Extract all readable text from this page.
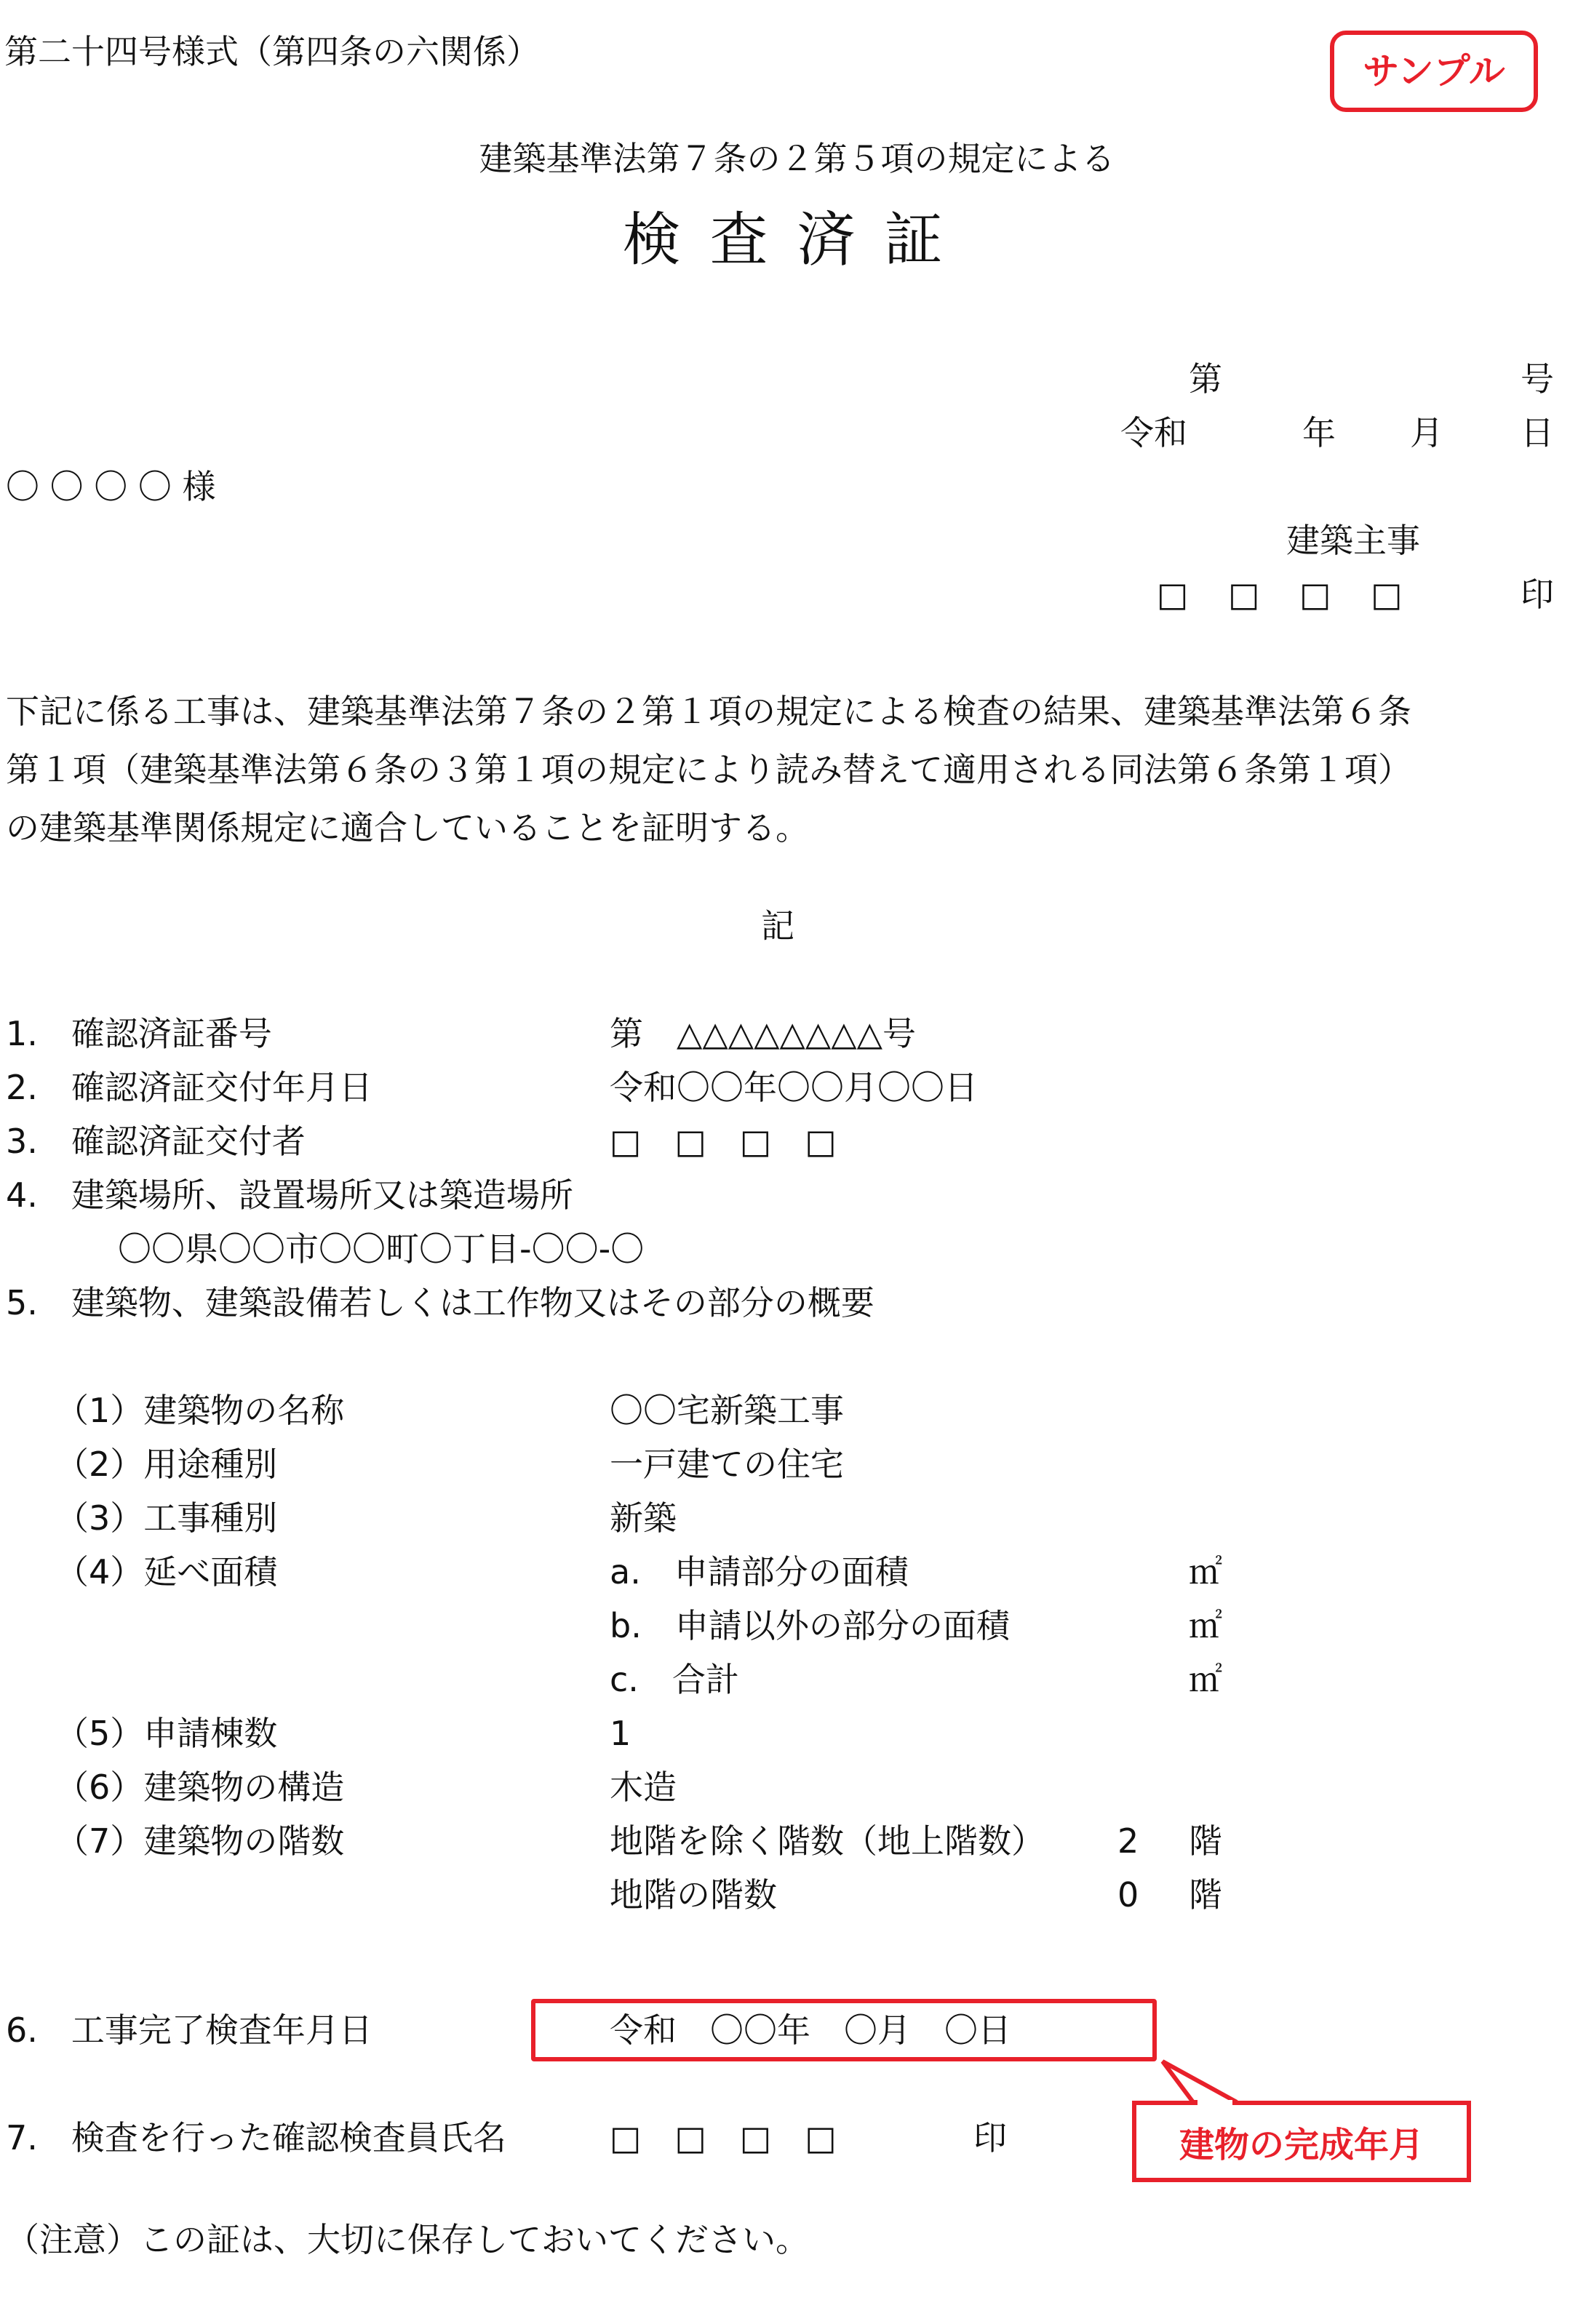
第二十四号様式（第四条の六関係）	サンプル
建築基準法第７条の２第５項の規定による
検査済証
第	号
令和	年 月 日
〇 〇 〇 〇 様
建築主事
□ □ □ □	印
下記に係る工事は、建築基準法第７条の２第１項の規定による検査の結果、建築基準法第６条
第１項（建築基準法第６条の３第１項の規定により読み替えて適用される同法第６条第１項）
の建築基準関係規定に適合していることを証明する。
記
1.　確認済証番号	第　△△△△△△△△号
2.　確認済証交付年月日	令和〇〇年〇〇月〇〇日
3.　確認済証交付者	□　□　□　□
4.　建築場所、設置場所又は築造場所
〇〇県〇〇市〇〇町〇丁目-〇〇-〇
5.　建築物、建築設備若しくは工作物又はその部分の概要
（1）建築物の名称	〇〇宅新築工事
（2）用途種別	一戸建ての住宅
（3）工事種別	新築
（4）延べ面積	a.　申請部分の面積	㎡
b.　申請以外の部分の面積	㎡
c.　合計	㎡
（5）申請棟数	1
（6）建築物の構造	木造
（7）建築物の階数	地階を除く階数（地上階数） 2 階
地階の階数	0 階
6.　工事完了検査年月日	令和　〇〇年　〇月　〇日
建物の完成年月
7.　検査を行った確認検査員氏名	□　□　□　□	印
（注意）この証は、大切に保存しておいてください。
